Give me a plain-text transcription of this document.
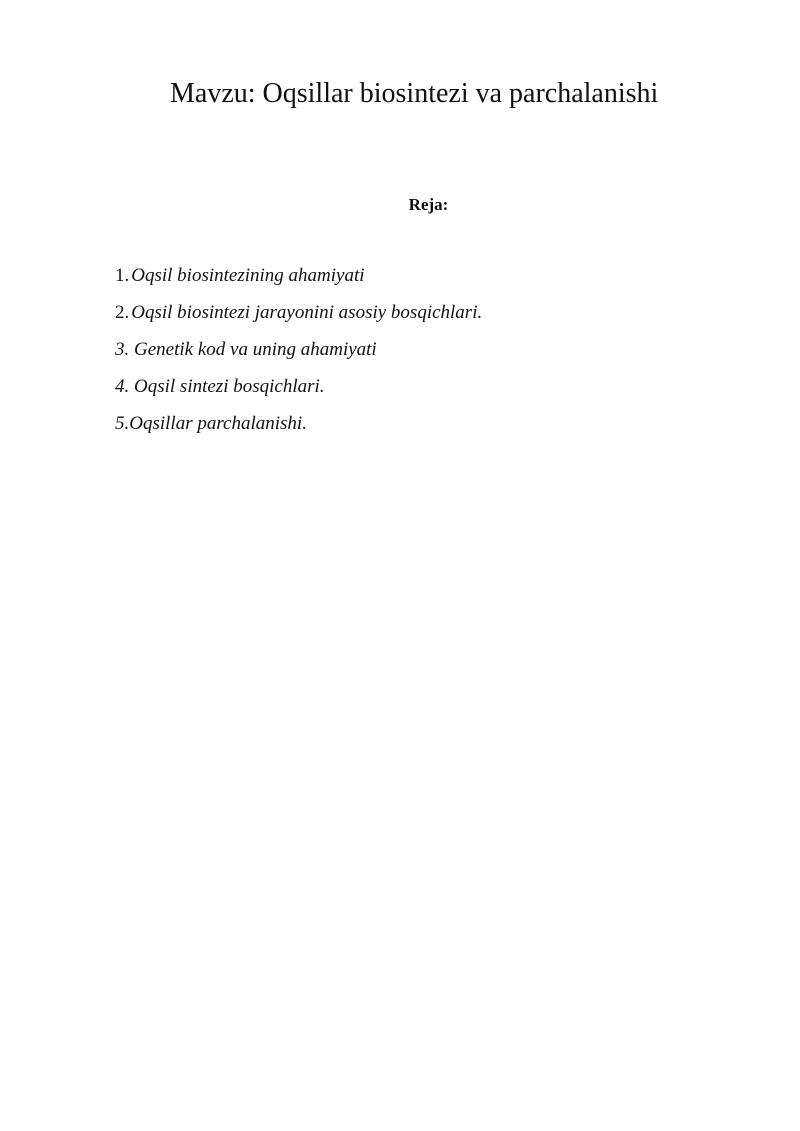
Mavzu: Oqsillar biosintezi va parchalanishi
Reja:
1. Oqsil biosintezining ahamiyati
2. Oqsil biosintezi jarayonini asosiy bosqichlari.
3. Genetik kod va uning ahamiyati
4. Oqsil sintezi bosqichlari.
5.Oqsillar parchalanishi.
